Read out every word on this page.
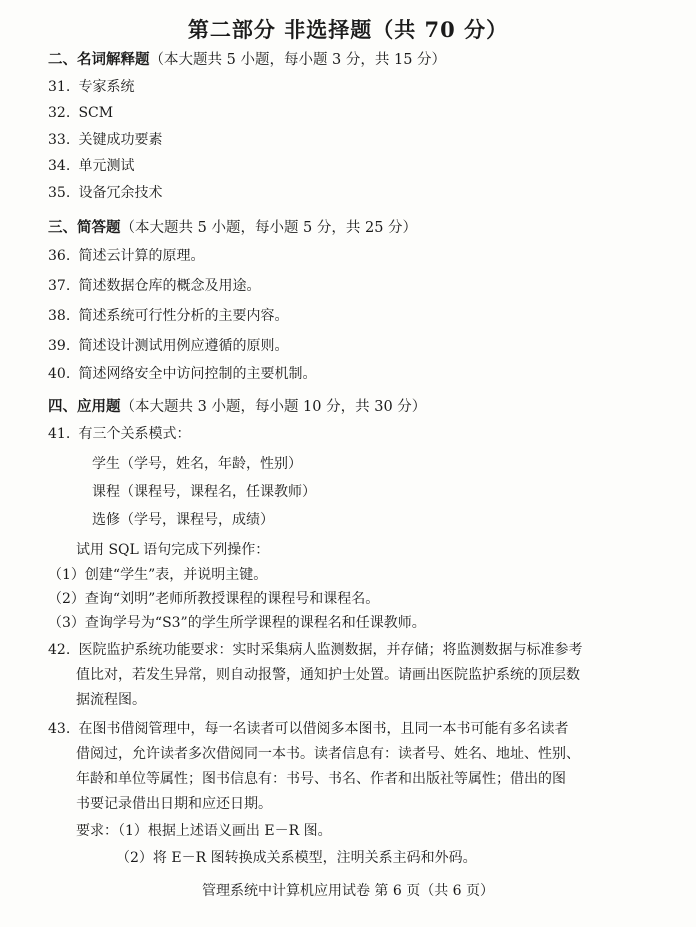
第二部分 非选择题（共 70 分）
二、名词解释题（本大题共 5 小题，每小题 3 分，共 15 分）
31. 专家系统
32. SCM
33. 关键成功要素
34. 单元测试
35. 设备冗余技术
三、简答题（本大题共 5 小题，每小题 5 分，共 25 分）
36. 简述云计算的原理。
37. 简述数据仓库的概念及用途。
38. 简述系统可行性分析的主要内容。
39. 简述设计测试用例应遵循的原则。
40. 简述网络安全中访问控制的主要机制。
四、应用题（本大题共 3 小题，每小题 10 分，共 30 分）
41. 有三个关系模式：
学生（学号，姓名，年龄，性别）
课程（课程号，课程名，任课教师）
选修（学号，课程号，成绩）
试用 SQL 语句完成下列操作：
（1）创建“学生”表，并说明主键。
（2）查询“刘明”老师所教授课程的课程号和课程名。
（3）查询学号为“S3”的学生所学课程的课程名和任课教师。
42. 医院监护系统功能要求：实时采集病人监测数据，并存储；将监测数据与标准参考
值比对，若发生异常，则自动报警，通知护士处置。请画出医院监护系统的顶层数
据流程图。
43. 在图书借阅管理中，每一名读者可以借阅多本图书，且同一本书可能有多名读者
借阅过，允许读者多次借阅同一本书。读者信息有：读者号、姓名、地址、性别、
年龄和单位等属性；图书信息有：书号、书名、作者和出版社等属性；借出的图
书要记录借出日期和应还日期。
要求：（1）根据上述语义画出 E－R 图。
（2）将 E－R 图转换成关系模型，注明关系主码和外码。
管理系统中计算机应用试卷 第 6 页（共 6 页）
